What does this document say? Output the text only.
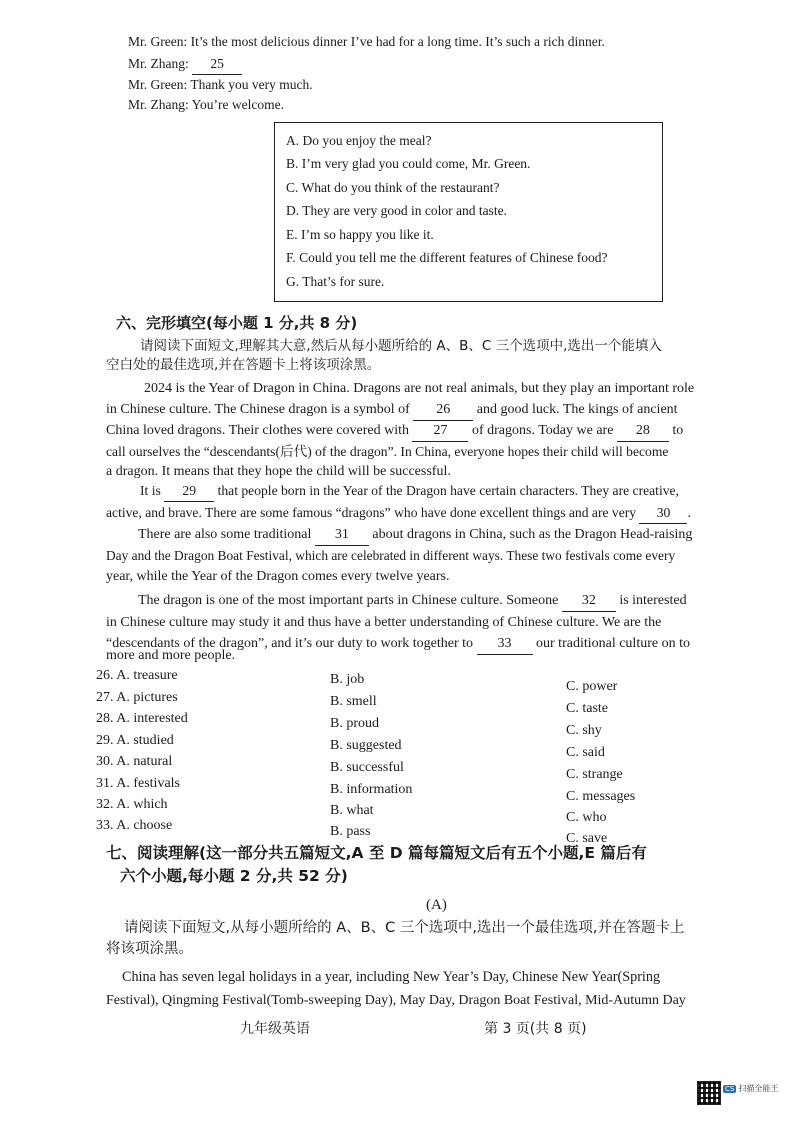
Mr. Green: It’s the most delicious dinner I’ve had for a long time. It’s such a rich dinner.
Mr. Zhang: 25
Mr. Green: Thank you very much.
Mr. Zhang: You’re welcome.
A. Do you enjoy the meal?
B. I’m very glad you could come, Mr. Green.
C. What do you think of the restaurant?
D. They are very good in color and taste.
E. I’m so happy you like it.
F. Could you tell me the different features of Chinese food?
G. That’s for sure.
六、完形填空(每小题 1 分,共 8 分)
请阅读下面短文,理解其大意,然后从每小题所给的 A、B、C 三个选项中,选出一个能填入
空白处的最佳选项,并在答题卡上将该项涂黑。
2024 is the Year of Dragon in China. Dragons are not real animals, but they play an important role
in Chinese culture. The Chinese dragon is a symbol of 26 and good luck. The kings of ancient
China loved dragons. Their clothes were covered with 27 of dragons. Today we are 28 to
call ourselves the “descendants(后代) of the dragon”. In China, everyone hopes their child will become
a dragon. It means that they hope the child will be successful.
It is 29 that people born in the Year of the Dragon have certain characters. They are creative,
active, and brave. There are some famous “dragons” who have done excellent things and are very 30 .
There are also some traditional 31 about dragons in China, such as the Dragon Head-raising
Day and the Dragon Boat Festival, which are celebrated in different ways. These two festivals come every
year, while the Year of the Dragon comes every twelve years.
The dragon is one of the most important parts in Chinese culture. Someone 32 is interested
in Chinese culture may study it and thus have a better understanding of Chinese culture. We are the
“descendants of the dragon”, and it’s our duty to work together to 33 our traditional culture on to
more and more people.
26. A. treasure
27. A. pictures
28. A. interested
29. A. studied
30. A. natural
31. A. festivals
32. A. which
33. A. choose
B. job
B. smell
B. proud
B. suggested
B. successful
B. information
B. what
B. pass
C. power
C. taste
C. shy
C. said
C. strange
C. messages
C. who
C. save
七、阅读理解(这一部分共五篇短文,A 至 D 篇每篇短文后有五个小题,E 篇后有
六个小题,每小题 2 分,共 52 分)
(A)
请阅读下面短文,从每小题所给的 A、B、C 三个选项中,选出一个最佳选项,并在答题卡上
将该项涂黑。
China has seven legal holidays in a year, including New Year’s Day, Chinese New Year(Spring
Festival), Qingming Festival(Tomb-sweeping Day), May Day, Dragon Boat Festival, Mid-Autumn Day
九年级英语	第 3 页(共 8 页)
CS 扫描全能王
